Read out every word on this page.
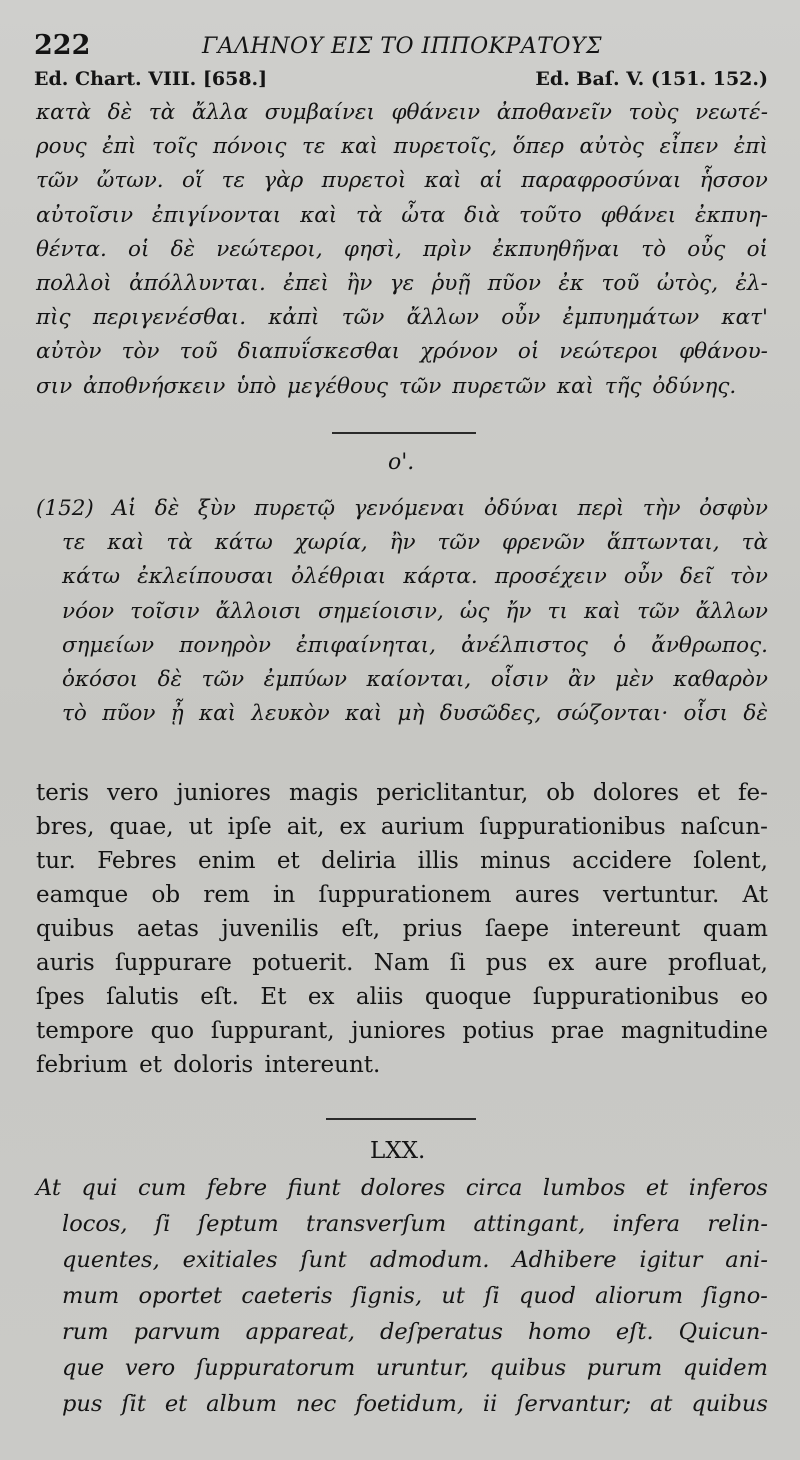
222	ΓΑΛΗΝΟΥ ΕΙΣ ΤΟ ΙΠΠΟΚΡΑΤΟΥΣ
Ed. Chart. VIII. [658.]	Ed. Baſ. V. (151. 152.)
κατὰ δὲ τὰ ἄλλα συμβαίνει φθάνειν ἀποθανεῖν τοὺς νεωτέ-
ρους ἐπὶ τοῖς πόνοις τε καὶ πυρετοῖς, ὅπερ αὐτὸς εἶπεν ἐπὶ
τῶν ὤτων. οἵ τε γὰρ πυρετοὶ καὶ αἱ παραφροσύναι ἧσσον
αὐτοῖσιν ἐπιγίνονται καὶ τὰ ὦτα διὰ τοῦτο φθάνει ἐκπυη-
θέντα. οἱ δὲ νεώτεροι, φησὶ, πρὶν ἐκπυηθῆναι τὸ οὖς οἱ
πολλοὶ ἀπόλλυνται. ἐπεὶ ἢν γε ῥυῇ πῦον ἐκ τοῦ ὠτὸς, ἐλ-
πὶς περιγενέσθαι. κἀπὶ τῶν ἄλλων οὖν ἐμπυημάτων κατ'
αὐτὸν τὸν τοῦ διαπυΐσκεσθαι χρόνον οἱ νεώτεροι φθάνου-
σιν ἀποθνήσκειν ὑπὸ μεγέθους τῶν πυρετῶν καὶ τῆς ὀδύνης.
ο'.
(152) Αἱ δὲ ξὺν πυρετῷ γενόμεναι ὀδύναι περὶ τὴν ὀσφὺν
τε καὶ τὰ κάτω χωρία, ἢν τῶν φρενῶν ἅπτωνται, τὰ
κάτω ἐκλείπουσαι ὀλέθριαι κάρτα. προσέχειν οὖν δεῖ τὸν
νόον τοῖσιν ἄλλοισι σημείοισιν, ὡς ἤν τι καὶ τῶν ἄλλων
σημείων πονηρὸν ἐπιφαίνηται, ἀνέλπιστος ὁ ἄνθρωπος.
ὁκόσοι δὲ τῶν ἐμπύων καίονται, οἷσιν ἂν μὲν καθαρὸν
τὸ πῦον ᾖ καὶ λευκὸν καὶ μὴ δυσῶδες, σώζονται· οἷσι δὲ
teris vero juniores magis periclitantur, ob dolores et fe-
bres, quae, ut ipſe ait, ex aurium ſuppurationibus naſcun-
tur. Febres enim et deliria illis minus accidere ſolent,
eamque ob rem in ſuppurationem aures vertuntur. At
quibus aetas juvenilis eſt, prius ſaepe intereunt quam
auris ſuppurare potuerit. Nam ſi pus ex aure profluat,
ſpes ſalutis eſt. Et ex aliis quoque ſuppurationibus eo
tempore quo ſuppurant, juniores potius prae magnitudine
febrium et doloris intereunt.
LXX.
At qui cum febre fiunt dolores circa lumbos et inferos
locos, ſi ſeptum transverſum attingant, infera relin-
quentes, exitiales ſunt admodum. Adhibere igitur ani-
mum oportet caeteris ſignis, ut ſi quod aliorum ſigno-
rum parvum appareat, deſperatus homo eſt. Quicun-
que vero ſuppuratorum uruntur, quibus purum quidem
pus ſit et album nec foetidum, ii ſervantur; at quibus
